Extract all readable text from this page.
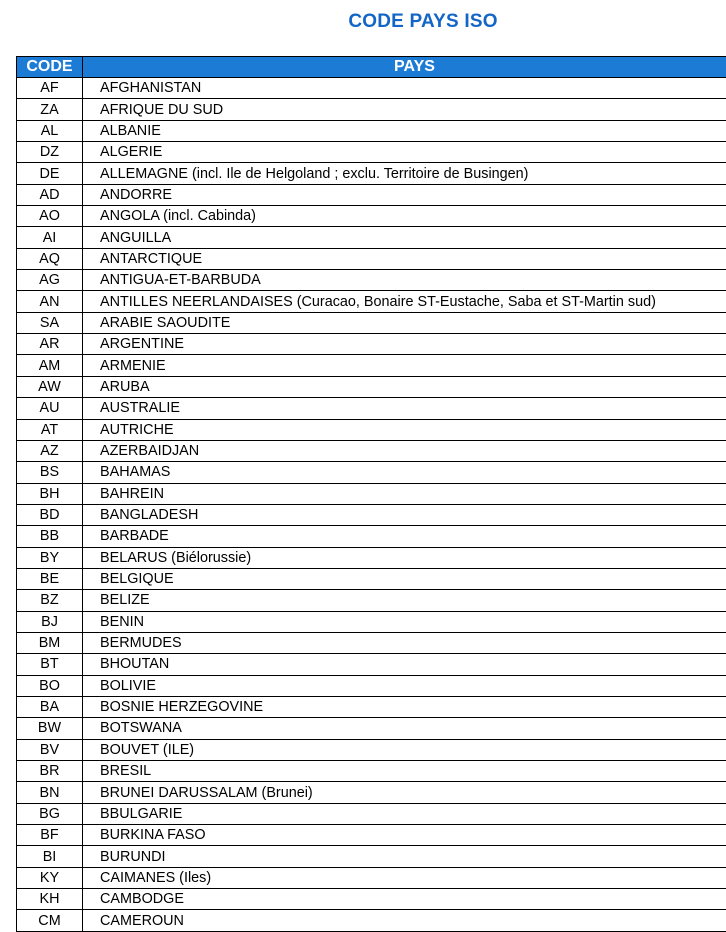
CODE PAYS ISO
CODE	PAYS
AF	AFGHANISTAN
ZA	AFRIQUE DU SUD
AL	ALBANIE
DZ	ALGERIE
DE	ALLEMAGNE (incl. Ile de Helgoland ; exclu. Territoire de Busingen)
AD	ANDORRE
AO	ANGOLA (incl. Cabinda)
AI	ANGUILLA
AQ	ANTARCTIQUE
AG	ANTIGUA-ET-BARBUDA
AN	ANTILLES NEERLANDAISES (Curacao, Bonaire ST-Eustache, Saba et ST-Martin sud)
SA	ARABIE SAOUDITE
AR	ARGENTINE
AM	ARMENIE
AW	ARUBA
AU	AUSTRALIE
AT	AUTRICHE
AZ	AZERBAIDJAN
BS	BAHAMAS
BH	BAHREIN
BD	BANGLADESH
BB	BARBADE
BY	BELARUS (Biélorussie)
BE	BELGIQUE
BZ	BELIZE
BJ	BENIN
BM	BERMUDES
BT	BHOUTAN
BO	BOLIVIE
BA	BOSNIE HERZEGOVINE
BW	BOTSWANA
BV	BOUVET (ILE)
BR	BRESIL
BN	BRUNEI DARUSSALAM (Brunei)
BG	BBULGARIE
BF	BURKINA FASO
BI	BURUNDI
KY	CAIMANES (Iles)
KH	CAMBODGE
CM	CAMEROUN
